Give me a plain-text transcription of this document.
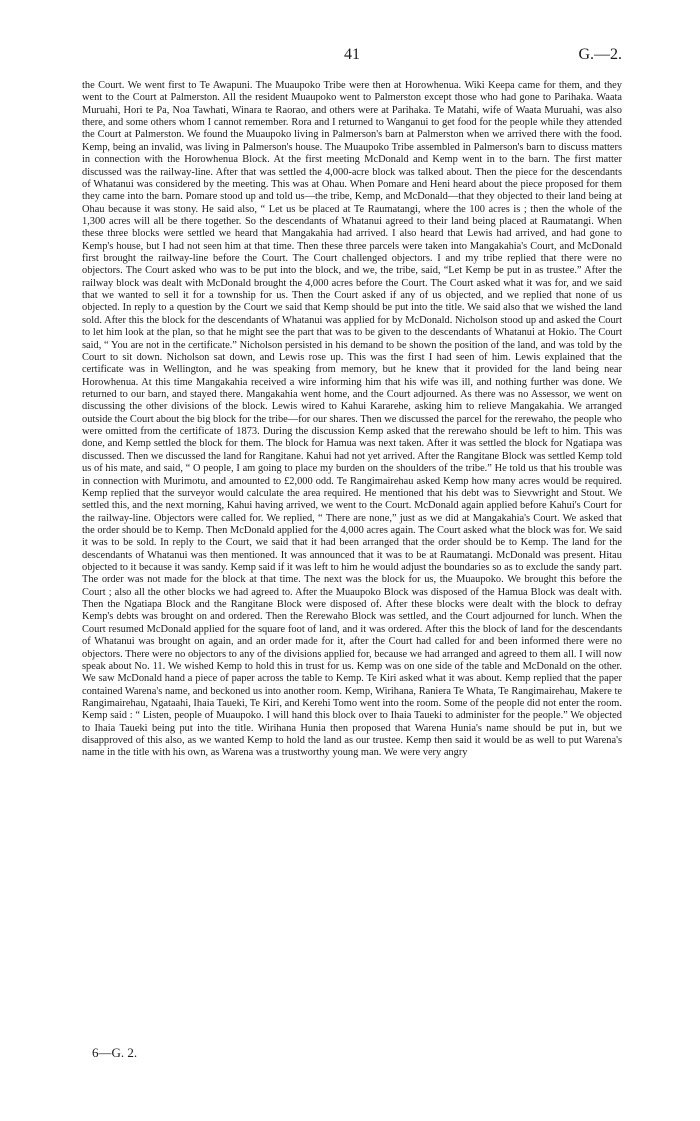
41	G.—2.

the Court. We went first to Te Awapuni. The Muaupoko Tribe were then at Horowhenua. Wiki Keepa came for them, and they went to the Court at Palmerston. All the resident Muaupoko went to Palmerston except those who had gone to Parihaka. Waata Muruahi, Hori te Pa, Noa Tawhati, Winara te Raorao, and others were at Parihaka. Te Matahi, wife of Waata Muruahi, was also there, and some others whom I cannot remember. Rora and I returned to Wanganui to get food for the people while they attended the Court at Palmerston. We found the Muaupoko living in Palmerson's barn at Palmerston when we arrived there with the food. Kemp, being an invalid, was living in Palmerson's house. The Muaupoko Tribe assembled in Palmerson's barn to discuss matters in connection with the Horowhenua Block. At the first meeting McDonald and Kemp went in to the barn. The first matter discussed was the railway-line. After that was settled the 4,000-acre block was talked about. Then the piece for the descendants of Whatanui was considered by the meeting. This was at Ohau. When Pomare and Heni heard about the piece proposed for them they came into the barn. Pomare stood up and told us—the tribe, Kemp, and McDonald—that they objected to their land being at Ohau because it was stony. He said also, “ Let us be placed at Te Raumatangi, where the 100 acres is ; then the whole of the 1,300 acres will all be there together. So the descendants of Whatanui agreed to their land being placed at Raumatangi. When these three blocks were settled we heard that Mangakahia had arrived. I also heard that Lewis had arrived, and had gone to Kemp's house, but I had not seen him at that time. Then these three parcels were taken into Mangakahia's Court, and McDonald first brought the railway-line before the Court. The Court challenged objectors. I and my tribe replied that there were no objectors. The Court asked who was to be put into the block, and we, the tribe, said, “Let Kemp be put in as trustee.” After the railway block was dealt with McDonald brought the 4,000 acres before the Court. The Court asked what it was for, and we said that we wanted to sell it for a township for us. Then the Court asked if any of us objected, and we replied that none of us objected. In reply to a question by the Court we said that Kemp should be put into the title. We said also that we wished the land sold. After this the block for the descendants of Whatanui was applied for by McDonald. Nicholson stood up and asked the Court to let him look at the plan, so that he might see the part that was to be given to the descendants of Whatanui at Hokio. The Court said, “ You are not in the certificate.” Nicholson persisted in his demand to be shown the position of the land, and was told by the Court to sit down. Nicholson sat down, and Lewis rose up. This was the first I had seen of him. Lewis explained that the certificate was in Wellington, and he was speaking from memory, but he knew that it provided for the land being near Horowhenua. At this time Mangakahia received a wire informing him that his wife was ill, and nothing further was done. We returned to our barn, and stayed there. Mangakahia went home, and the Court adjourned. As there was no Assessor, we went on discussing the other divisions of the block. Lewis wired to Kahui Kararehe, asking him to relieve Mangakahia. We arranged outside the Court about the big block for the tribe—for our shares. Then we discussed the parcel for the rerewaho, the people who were omitted from the certificate of 1873. During the discussion Kemp asked that the rerewaho should be left to him. This was done, and Kemp settled the block for them. The block for Hamua was next taken. After it was settled the block for Ngatiapa was discussed. Then we discussed the land for Rangitane. Kahui had not yet arrived. After the Rangitane Block was settled Kemp told us of his mate, and said, “ O people, I am going to place my burden on the shoulders of the tribe.” He told us that his trouble was in connection with Murimotu, and amounted to £2,000 odd. Te Rangimairehau asked Kemp how many acres would be required. Kemp replied that the surveyor would calculate the area required. He mentioned that his debt was to Sievwright and Stout. We settled this, and the next morning, Kahui having arrived, we went to the Court. McDonald again applied before Kahui's Court for the railway-line. Objectors were called for. We replied, “ There are none,” just as we did at Mangakahia's Court. We asked that the order should be to Kemp. Then McDonald applied for the 4,000 acres again. The Court asked what the block was for. We said it was to be sold. In reply to the Court, we said that it had been arranged that the order should be to Kemp. The land for the descendants of Whatanui was then mentioned. It was announced that it was to be at Raumatangi. McDonald was present. Hitau objected to it because it was sandy. Kemp said if it was left to him he would adjust the boundaries so as to exclude the sandy part. The order was not made for the block at that time. The next was the block for us, the Muaupoko. We brought this before the Court ; also all the other blocks we had agreed to. After the Muaupoko Block was disposed of the Hamua Block was dealt with. Then the Ngatiapa Block and the Rangitane Block were disposed of. After these blocks were dealt with the block to defray Kemp's debts was brought on and ordered. Then the Rerewaho Block was settled, and the Court adjourned for lunch. When the Court resumed McDonald applied for the square foot of land, and it was ordered. After this the block of land for the descendants of Whatanui was brought on again, and an order made for it, after the Court had called for and been informed there were no objectors. There were no objectors to any of the divisions applied for, because we had arranged and agreed to them all. I will now speak about No. 11. We wished Kemp to hold this in trust for us. Kemp was on one side of the table and McDonald on the other. We saw McDonald hand a piece of paper across the table to Kemp. Te Kiri asked what it was about. Kemp replied that the paper contained Warena's name, and beckoned us into another room. Kemp, Wirihana, Raniera Te Whata, Te Rangimairehau, Makere te Rangimairehau, Ngataahi, Ihaia Taueki, Te Kiri, and Kerehi Tomo went into the room. Some of the people did not enter the room. Kemp said : “ Listen, people of Muaupoko. I will hand this block over to Ihaia Taueki to administer for the people.” We objected to Ihaia Taueki being put into the title. Wirihana Hunia then proposed that Warena Hunia's name should be put in, but we disapproved of this also, as we wanted Kemp to hold the land as our trustee. Kemp then said it would be as well to put Warena's name in the title with his own, as Warena was a trustworthy young man. We were very angry

6—G. 2.
